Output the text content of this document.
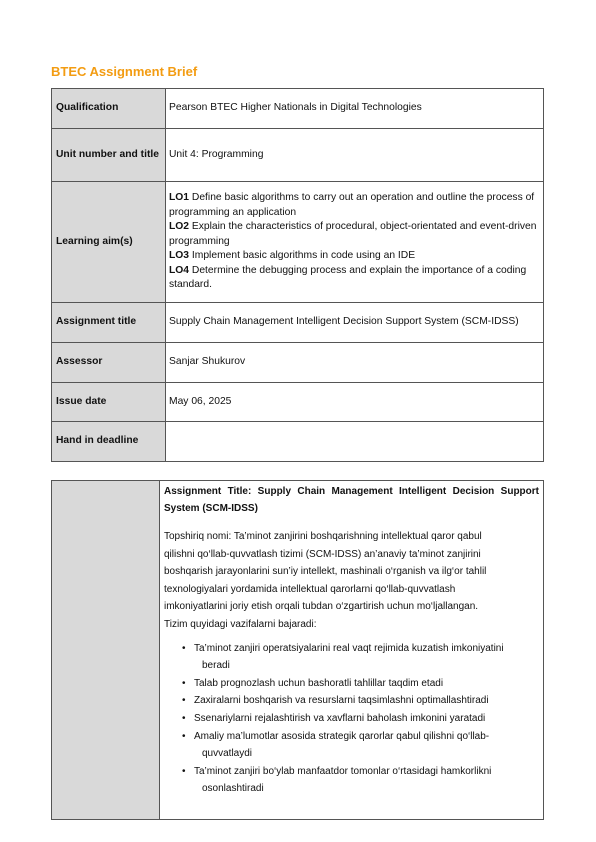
BTEC Assignment Brief
Qualification	Pearson BTEC Higher Nationals in Digital Technologies
Unit number and title	Unit 4: Programming
Learning aim(s)	LO1 Define basic algorithms to carry out an operation and outline the process of programming an application
LO2 Explain the characteristics of procedural, object-orientated and event-driven programming
LO3 Implement basic algorithms in code using an IDE
LO4 Determine the debugging process and explain the importance of a coding standard.

Assignment title	Supply Chain Management Intelligent Decision Support System (SCM-IDSS)
Assessor	Sanjar Shukurov
Issue date	May 06, 2025
Hand in deadline	

Assignment Title: Supply Chain Management Intelligent Decision Support System (SCM-IDSS)
Topshiriq nomi: Ta’minot zanjirini boshqarishning intellektual qaror qabul
qilishni qo‘llab-quvvatlash tizimi (SCM-IDSS) an’anaviy ta’minot zanjirini
boshqarish jarayonlarini sun’iy intellekt, mashinali o‘rganish va ilg‘or tahlil
texnologiyalari yordamida intellektual qarorlarni qo‘llab-quvvatlash
imkoniyatlarini joriy etish orqali tubdan o‘zgartirish uchun mo‘ljallangan.
Tizim quyidagi vazifalarni bajaradi:
• Ta’minot zanjiri operatsiyalarini real vaqt rejimida kuzatish imkoniyatini
beradi
• Talab prognozlash uchun bashoratli tahlillar taqdim etadi
• Zaxiralarni boshqarish va resurslarni taqsimlashni optimallashtiradi
• Ssenariylarni rejalashtirish va xavflarni baholash imkonini yaratadi
• Amaliy ma’lumotlar asosida strategik qarorlar qabul qilishni qo‘llab-
quvvatlaydi
• Ta’minot zanjiri bo‘ylab manfaatdor tomonlar o‘rtasidagi hamkorlikni
osonlashtiradi
